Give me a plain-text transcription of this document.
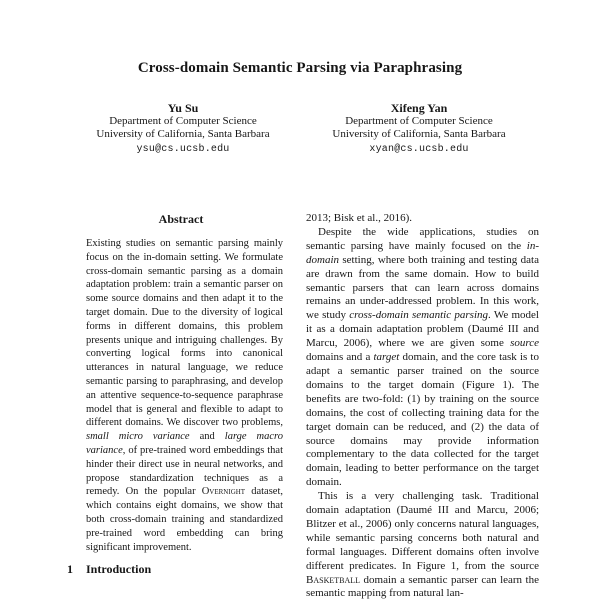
Cross-domain Semantic Parsing via Paraphrasing
Yu Su
Department of Computer Science
University of California, Santa Barbara
ysu@cs.ucsb.edu
Xifeng Yan
Department of Computer Science
University of California, Santa Barbara
xyan@cs.ucsb.edu
Abstract
Existing studies on semantic parsing mainly focus on the in-domain setting. We formulate cross-domain semantic parsing as a domain adaptation problem: train a semantic parser on some source domains and then adapt it to the target domain. Due to the diversity of logical forms in different domains, this problem presents unique and intriguing challenges. By converting logical forms into canonical utterances in natural language, we reduce semantic parsing to paraphrasing, and develop an attentive sequence-to-sequence paraphrase model that is general and flexible to adapt to different domains. We discover two problems, small micro variance and large macro variance, of pre-trained word embeddings that hinder their direct use in neural networks, and propose standardization techniques as a remedy. On the popular Overnight dataset, which contains eight domains, we show that both cross-domain training and standardized pre-trained word embedding can bring significant improvement.
1 Introduction

2013; Bisk et al., 2016).

Despite the wide applications, studies on semantic parsing have mainly focused on the in-domain setting, where both training and testing data are drawn from the same domain. How to build semantic parsers that can learn across domains remains an under-addressed problem. In this work, we study cross-domain semantic parsing. We model it as a domain adaptation problem (Daumé III and Marcu, 2006), where we are given some source domains and a target domain, and the core task is to adapt a semantic parser trained on the source domains to the target domain (Figure 1). The benefits are two-fold: (1) by training on the source domains, the cost of collecting training data for the target domain can be reduced, and (2) the data of source domains may provide information complementary to the data collected for the target domain, leading to better performance on the target domain.

This is a very challenging task. Traditional domain adaptation (Daumé III and Marcu, 2006; Blitzer et al., 2006) only concerns natural languages, while semantic parsing concerns both natural and formal languages. Different domains often involve different predicates. In Figure 1, from the source Basketball domain a semantic parser can learn the semantic mapping from natural lan-
